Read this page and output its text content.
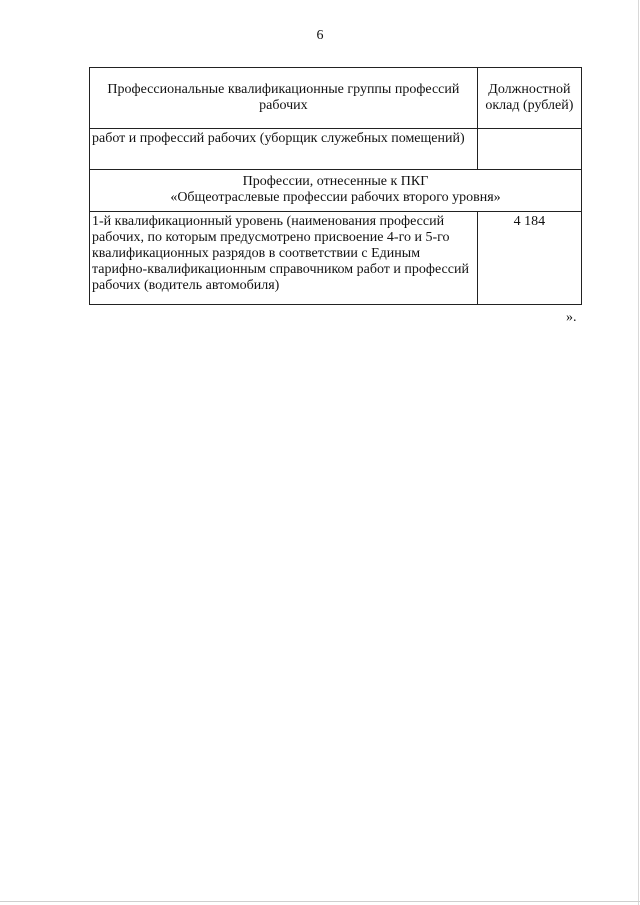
6
Профессиональные квалификационные группы профессий рабочих	Должностной оклад (рублей)
работ и профессий рабочих (уборщик служебных помещений)	

Профессии, отнесенные к ПКГ
«Общеотраслевые профессии рабочих второго уровня»	

1-й квалификационный уровень (наименования профессий рабочих, по которым предусмотрено присвоение 4-го и 5-го квалификационных разрядов в соответствии с Единым тарифно-квалификационным справочником работ и профессий рабочих (водитель автомобиля)	4 184
».
